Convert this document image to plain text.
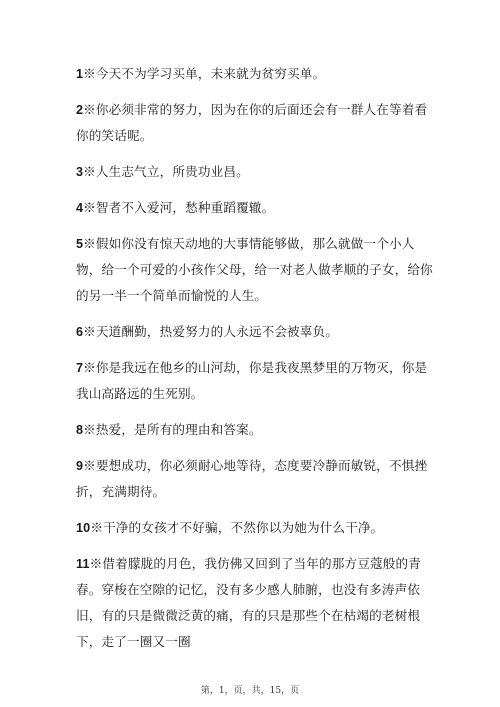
1※今天不为学习买单，未来就为贫穷买单。

2※你必须非常的努力，因为在你的后面还会有一群人在等着看你的笑话呢。

3※人生志气立，所贵功业昌。

4※智者不入爱河，愁种重蹈覆辙。

5※假如你没有惊天动地的大事情能够做，那么就做一个小人物，给一个可爱的小孩作父母，给一对老人做孝顺的子女，给你的另一半一个简单而愉悦的人生。

6※天道酬勤，热爱努力的人永远不会被辜负。

7※你是我远在他乡的山河劫，你是我夜黑梦里的万物灭，你是我山高路远的生死别。

8※热爱，是所有的理由和答案。

9※要想成功，你必须耐心地等待，态度要冷静而敏锐，不惧挫折，充满期待。

10※干净的女孩才不好骗，不然你以为她为什么干净。

11※借着朦胧的月色，我仿佛又回到了当年的那方豆蔻般的青春。穿梭在空隙的记忆，没有多少感人肺腑，也没有多涛声依旧，有的只是微微泛黄的痛，有的只是那些个在枯竭的老树根下，走了一圈又一圈

第，1，页，共，15，页
